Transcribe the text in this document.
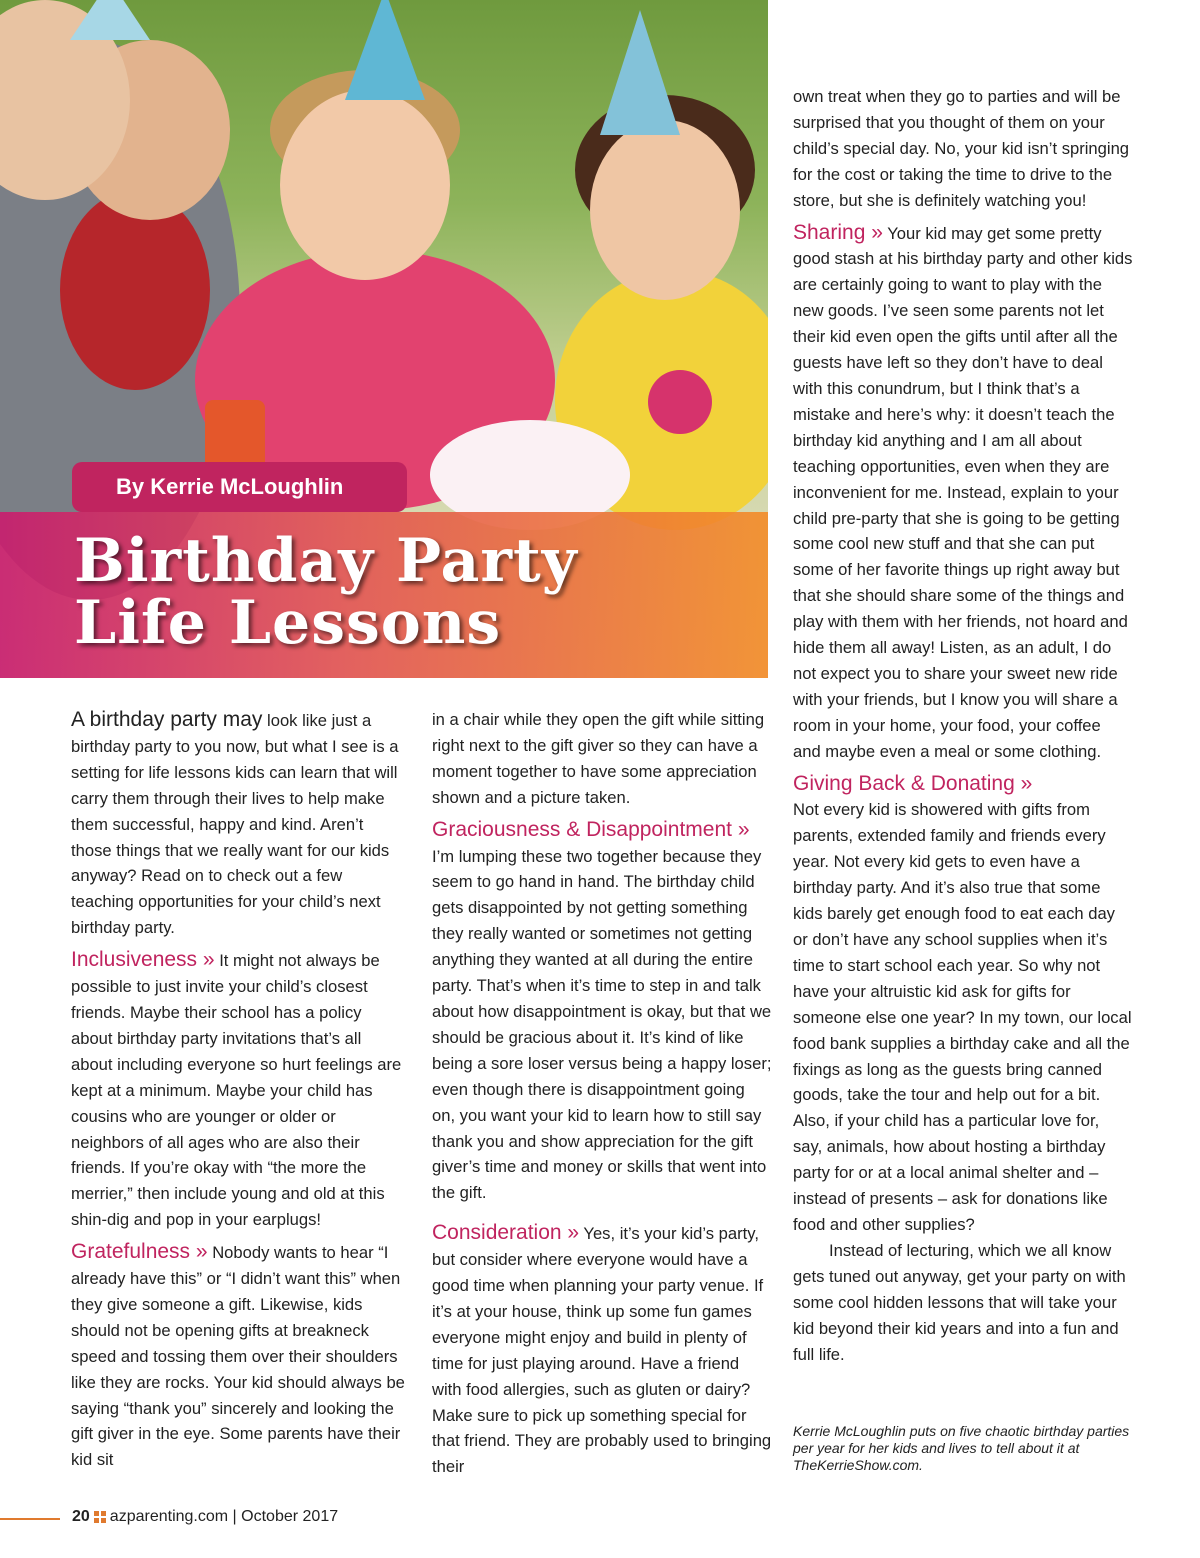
By Kerrie McLoughlin
Birthday Party
Life Lessons

A birthday party may look like just a birthday party to you now, but what I see is a setting for life lessons kids can learn that will carry them through their lives to help make them successful, happy and kind. Aren’t those things that we really want for our kids anyway? Read on to check out a few teaching opportunities for your child’s next birthday party.

Inclusiveness » It might not always be possible to just invite your child’s closest friends. Maybe their school has a policy about birthday party invitations that’s all about including everyone so hurt feelings are kept at a minimum. Maybe your child has cousins who are younger or older or neighbors of all ages who are also their friends. If you’re okay with “the more the merrier,” then include young and old at this shin-dig and pop in your earplugs!

Gratefulness » Nobody wants to hear “I already have this” or “I didn’t want this” when they give someone a gift. Likewise, kids should not be opening gifts at breakneck speed and tossing them over their shoulders like they are rocks. Your kid should always be saying “thank you” sincerely and looking the gift giver in the eye. Some parents have their kid sit

in a chair while they open the gift while sitting right next to the gift giver so they can have a moment together to have some appreciation shown and a picture taken.

Graciousness & Disappointment »
I’m lumping these two together because they seem to go hand in hand. The birthday child gets disappointed by not getting something they really wanted or sometimes not getting anything they wanted at all during the entire party. That’s when it’s time to step in and talk about how disappointment is okay, but that we should be gracious about it. It’s kind of like being a sore loser versus being a happy loser; even though there is disappointment going on, you want your kid to learn how to still say thank you and show appreciation for the gift giver’s time and money or skills that went into the gift.

Consideration » Yes, it’s your kid’s party, but consider where everyone would have a good time when planning your party venue. If it’s at your house, think up some fun games everyone might enjoy and build in plenty of time for just playing around. Have a friend with food allergies, such as gluten or dairy? Make sure to pick up something special for that friend. They are probably used to bringing their

own treat when they go to parties and will be surprised that you thought of them on your child’s special day. No, your kid isn’t springing for the cost or taking the time to drive to the store, but she is definitely watching you!

Sharing » Your kid may get some pretty good stash at his birthday party and other kids are certainly going to want to play with the new goods. I’ve seen some parents not let their kid even open the gifts until after all the guests have left so they don’t have to deal with this conundrum, but I think that’s a mistake and here’s why: it doesn’t teach the birthday kid anything and I am all about teaching opportunities, even when they are inconvenient for me. Instead, explain to your child pre-party that she is going to be getting some cool new stuff and that she can put some of her favorite things up right away but that she should share some of the things and play with them with her friends, not hoard and hide them all away! Listen, as an adult, I do not expect you to share your sweet new ride with your friends, but I know you will share a room in your home, your food, your coffee and maybe even a meal or some clothing.

Giving Back & Donating »
Not every kid is showered with gifts from parents, extended family and friends every year. Not every kid gets to even have a birthday party. And it’s also true that some kids barely get enough food to eat each day or don’t have any school supplies when it’s time to start school each year. So why not have your altruistic kid ask for gifts for someone else one year? In my town, our local food bank supplies a birthday cake and all the fixings as long as the guests bring canned goods, take the tour and help out for a bit. Also, if your child has a particular love for, say, animals, how about hosting a birthday party for or at a local animal shelter and – instead of presents – ask for donations like food and other supplies?

Instead of lecturing, which we all know gets tuned out anyway, get your party on with some cool hidden lessons that will take your kid beyond their kid years and into a fun and full life.

Kerrie McLoughlin puts on five chaotic birthday parties per year for her kids and lives to tell about it at TheKerrieShow.com.
20 azparenting.com | October 2017
